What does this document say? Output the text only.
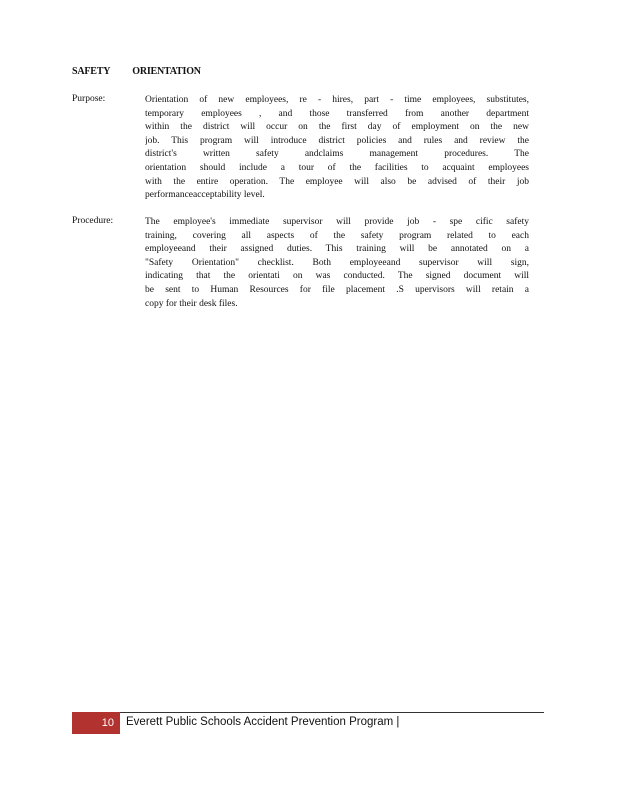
SAFETY ORIENTATION
Purpose:	Orientation of new employees, re - hires, part - time employees, substitutes,
temporary employees , and those transferred from another department
within the district will occur on the first day of employment on the new
job. This program will introduce district policies and rules and review the
district's written safety andclaims management procedures. The
orientation should include a tour of the facilities to acquaint employees
with the entire operation. The employee will also be advised of their job
performanceacceptability level.
Procedure:	The employee's immediate supervisor will provide job - spe cific safety
training, covering all aspects of the safety program related to each
employeeand their assigned duties. This training will be annotated on a
"Safety Orientation" checklist. Both employeeand supervisor will sign,
indicating that the orientati on was conducted. The signed document will
be sent to Human Resources for file placement .S upervisors will retain a
copy for their desk files.
10	Everett Public Schools Accident Prevention Program |
